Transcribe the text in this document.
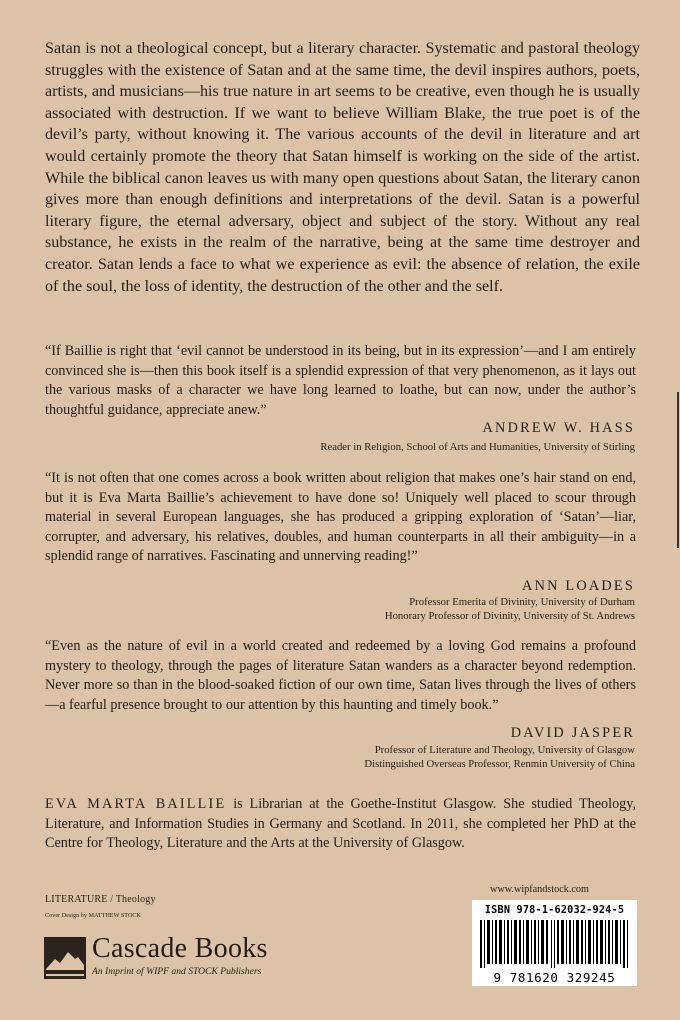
Satan is not a theological concept, but a literary character. Systematic and pastoral theology struggles with the existence of Satan and at the same time, the devil inspires authors, poets, artists, and musicians—his true nature in art seems to be creative, even though he is usually associated with destruction. If we want to believe William Blake, the true poet is of the devil’s party, without knowing it. The various accounts of the devil in literature and art would certainly promote the theory that Satan himself is working on the side of the artist. While the biblical canon leaves us with many open questions about Satan, the literary canon gives more than enough definitions and interpretations of the devil. Satan is a powerful literary figure, the eternal adversary, object and subject of the story. Without any real substance, he exists in the realm of the narrative, being at the same time destroyer and creator. Satan lends a face to what we experience as evil: the absence of relation, the exile of the soul, the loss of identity, the destruction of the other and the self.

“If Baillie is right that ‘evil cannot be understood in its being, but in its expression’—and I am entirely convinced she is—then this book itself is a splendid expression of that very phenomenon, as it lays out the various masks of a character we have long learned to loathe, but can now, under the author’s thoughtful guidance, appreciate anew.”

ANDREW W. HASS
Reader in Religion, School of Arts and Humanities, University of Stirling

“It is not often that one comes across a book written about religion that makes one’s hair stand on end, but it is Eva Marta Baillie’s achievement to have done so! Uniquely well placed to scour through material in several European languages, she has produced a gripping exploration of ‘Satan’—liar, corrupter, and adversary, his relatives, doubles, and human counterparts in all their ambiguity—in a splendid range of narratives. Fascinating and unnerving reading!”

ANN LOADES
Professor Emerita of Divinity, University of Durham
Honorary Professor of Divinity, University of St. Andrews

“Even as the nature of evil in a world created and redeemed by a loving God remains a profound mystery to theology, through the pages of literature Satan wanders as a character beyond redemption. Never more so than in the blood-soaked fiction of our own time, Satan lives through the lives of others—a fearful presence brought to our attention by this haunting and timely book.”

DAVID JASPER
Professor of Literature and Theology, University of Glasgow
Distinguished Overseas Professor, Renmin University of China

EVA MARTA BAILLIE is Librarian at the Goethe-Institut Glasgow. She studied Theology, Literature, and Information Studies in Germany and Scotland. In 2011, she completed her PhD at the Centre for Theology, Literature and the Arts at the University of Glasgow.

LITERATURE / Theology
Cover Design by MATTHEW STOCK
www.wipfandstock.com
Cascade Books
An Imprint of WIPF and STOCK Publishers
ISBN 978-1-62032-924-5
9 781620 329245
